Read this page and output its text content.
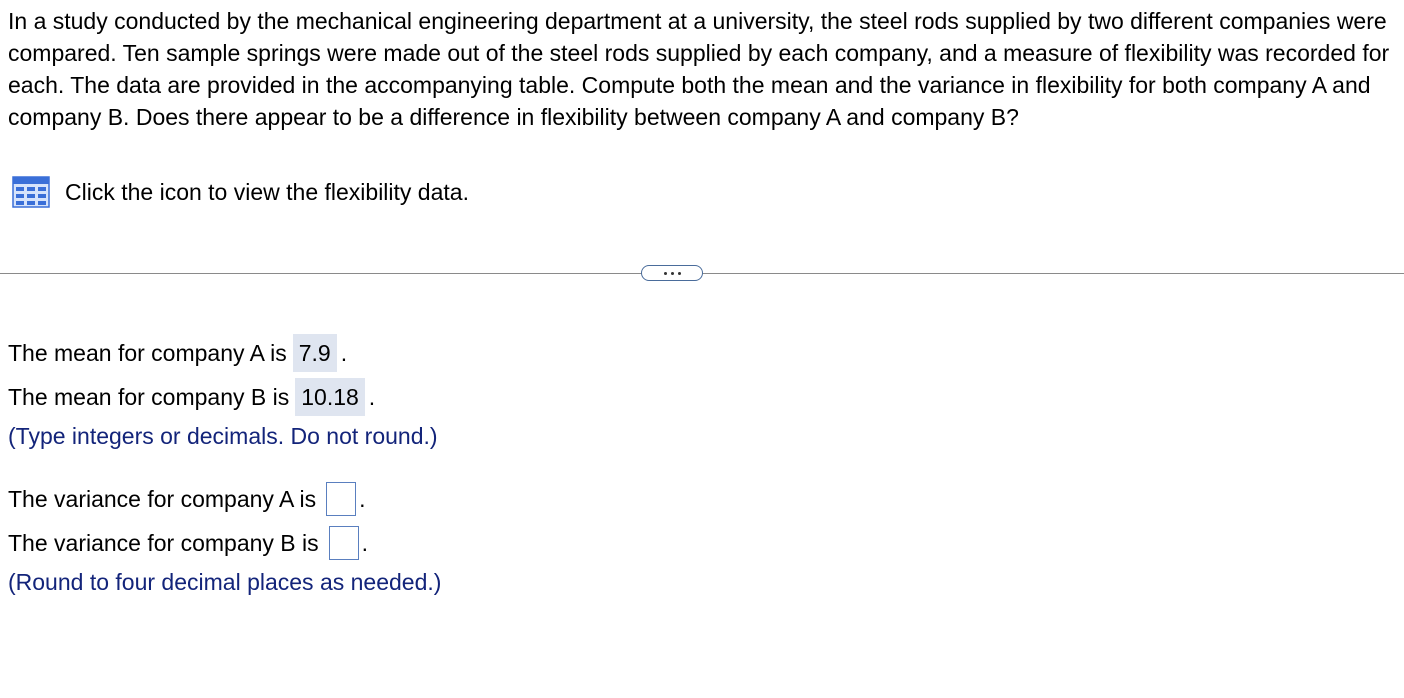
In a study conducted by the mechanical engineering department at a university, the steel rods supplied by two different companies were compared. Ten sample springs were made out of the steel rods supplied by each company, and a measure of flexibility was recorded for each. The data are provided in the accompanying table. Compute both the mean and the variance in flexibility for both company A and company B. Does there appear to be a difference in flexibility between company A and company B?

Click the icon to view the flexibility data.
The mean for company A is 7.9 .
The mean for company B is 10.18 .
(Type integers or decimals. Do not round.)
The variance for company A is .
The variance for company B is .
(Round to four decimal places as needed.)
